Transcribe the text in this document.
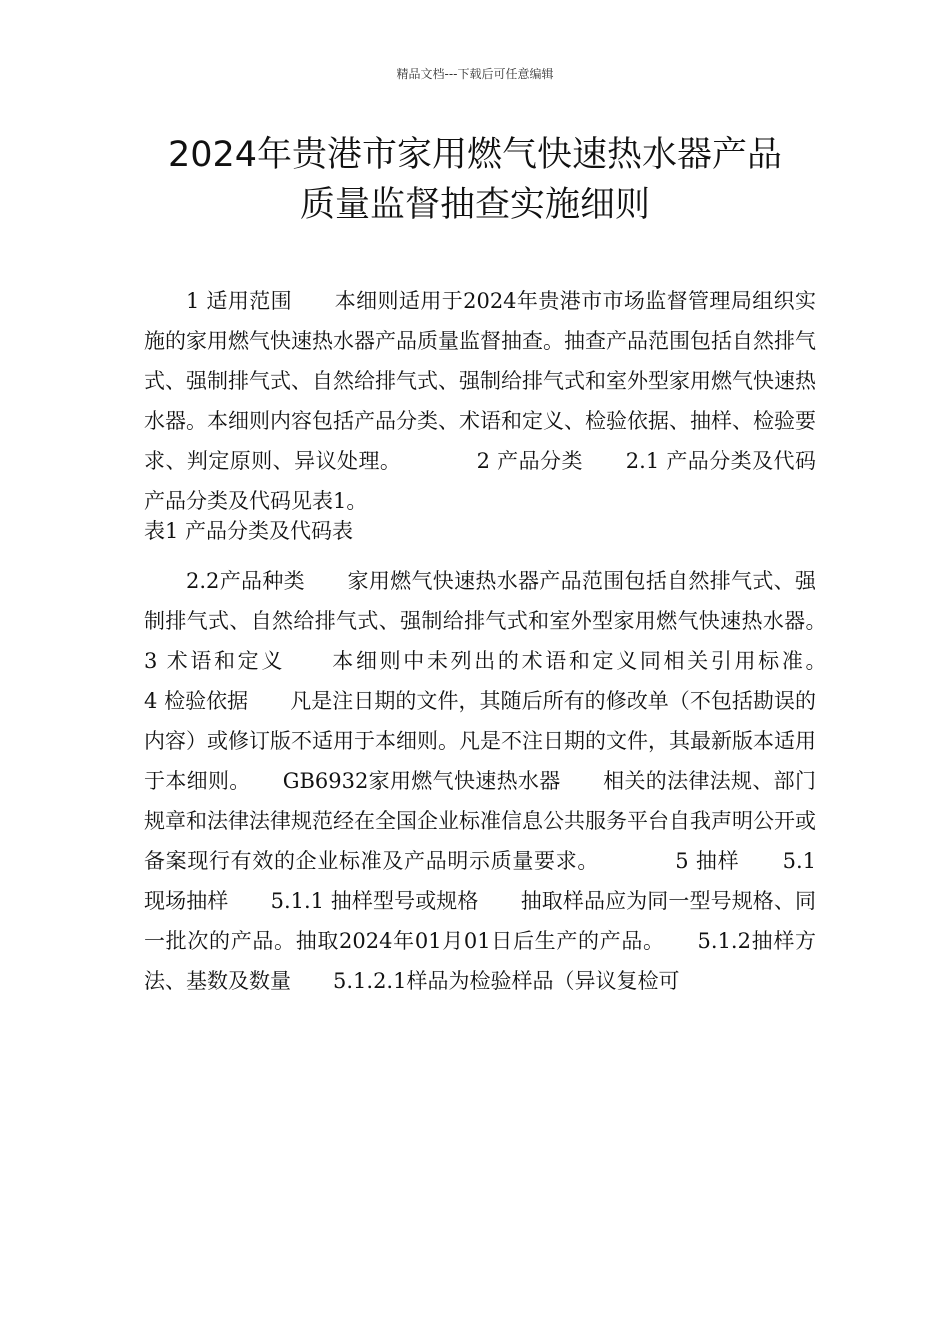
精品文档---下载后可任意编辑
2024年贵港市家用燃气快速热水器产品
质量监督抽查实施细则

1 适用范围　　本细则适用于2024年贵港市市场监督管理局组织实施的家用燃气快速热水器产品质量监督抽查。抽查产品范围包括自然排气式、强制排气式、自然给排气式、强制给排气式和室外型家用燃气快速热水器。本细则内容包括产品分类、术语和定义、检验依据、抽样、检验要求、判定原则、异议处理。　　　　2 产品分类　　2.1 产品分类及代码　　产品分类及代码见表1。

表1 产品分类及代码表

2.2产品种类　　家用燃气快速热水器产品范围包括自然排气式、强制排气式、自然给排气式、强制给排气式和室外型家用燃气快速热水器。　　　　3 术语和定义　　本细则中未列出的术语和定义同相关引用标准。　　　　4 检验依据　　凡是注日期的文件，其随后所有的修改单（不包括勘误的内容）或修订版不适用于本细则。凡是不注日期的文件，其最新版本适用于本细则。　　GB6932家用燃气快速热水器　　相关的法律法规、部门规章和法律法律规范经在全国企业标准信息公共服务平台自我声明公开或备案现行有效的企业标准及产品明示质量要求。　　　　5 抽样　　5.1现场抽样　　5.1.1 抽样型号或规格　　抽取样品应为同一型号规格、同一批次的产品。抽取2024年01月01日后生产的产品。　　5.1.2抽样方法、基数及数量　　5.1.2.1样品为检验样品（异议复检可
